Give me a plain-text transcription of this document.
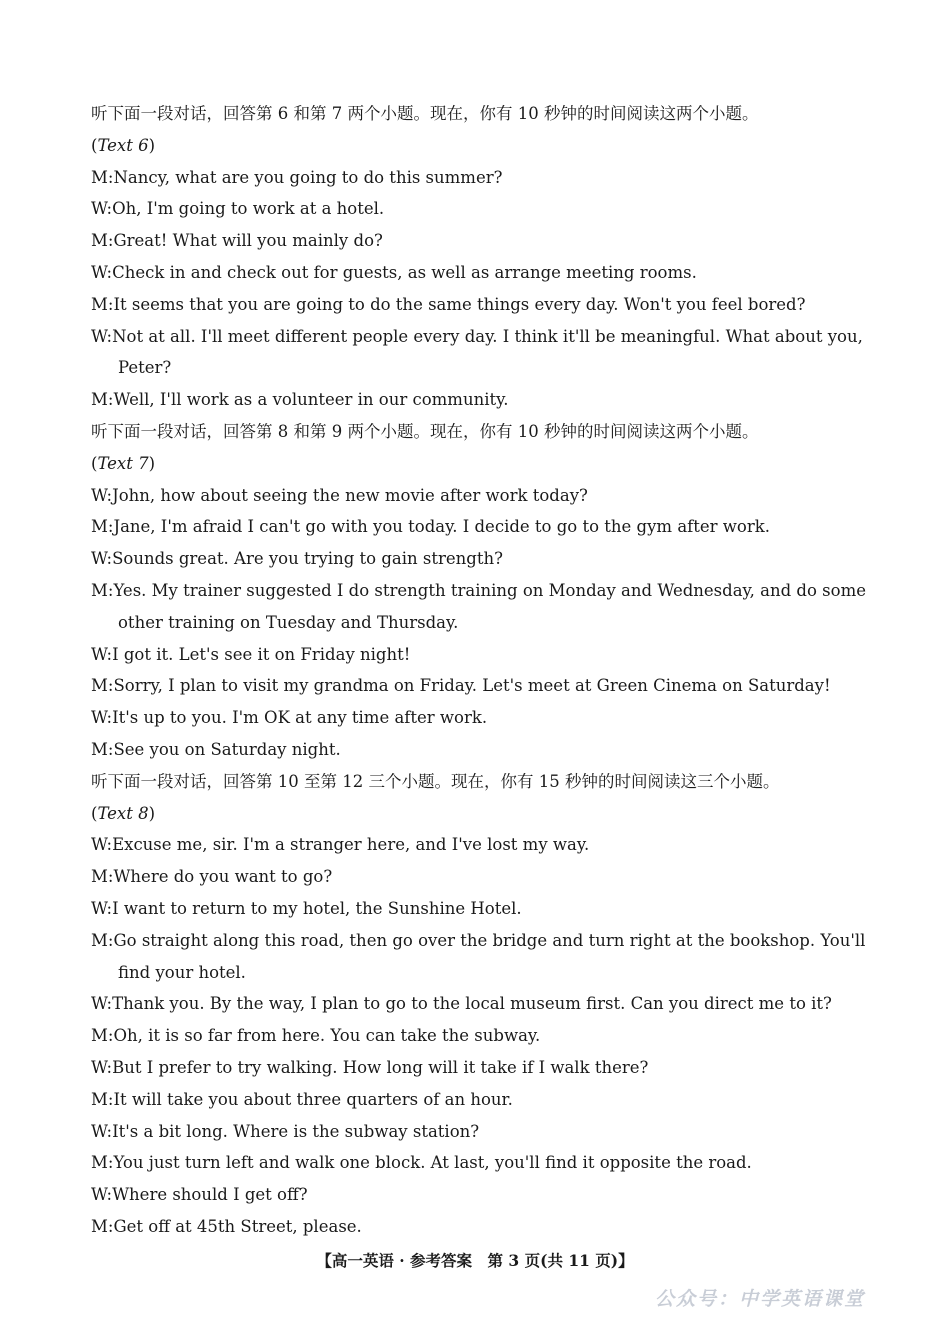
听下面一段对话，回答第 6 和第 7 两个小题。现在，你有 10 秒钟的时间阅读这两个小题。
(Text 6)
M:Nancy, what are you going to do this summer?
W:Oh, I'm going to work at a hotel.
M:Great! What will you mainly do?
W:Check in and check out for guests, as well as arrange meeting rooms.
M:It seems that you are going to do the same things every day. Won't you feel bored?
W:Not at all. I'll meet different people every day. I think it'll be meaningful. What about you, Peter?
M:Well, I'll work as a volunteer in our community.
听下面一段对话，回答第 8 和第 9 两个小题。现在，你有 10 秒钟的时间阅读这两个小题。
(Text 7)
W:John, how about seeing the new movie after work today?
M:Jane, I'm afraid I can't go with you today. I decide to go to the gym after work.
W:Sounds great. Are you trying to gain strength?
M:Yes. My trainer suggested I do strength training on Monday and Wednesday, and do some other training on Tuesday and Thursday.
W:I got it. Let's see it on Friday night!
M:Sorry, I plan to visit my grandma on Friday. Let's meet at Green Cinema on Saturday!
W:It's up to you. I'm OK at any time after work.
M:See you on Saturday night.
听下面一段对话，回答第 10 至第 12 三个小题。现在，你有 15 秒钟的时间阅读这三个小题。
(Text 8)
W:Excuse me, sir. I'm a stranger here, and I've lost my way.
M:Where do you want to go?
W:I want to return to my hotel, the Sunshine Hotel.
M:Go straight along this road, then go over the bridge and turn right at the bookshop. You'll find your hotel.
W:Thank you. By the way, I plan to go to the local museum first. Can you direct me to it?
M:Oh, it is so far from here. You can take the subway.
W:But I prefer to try walking. How long will it take if I walk there?
M:It will take you about three quarters of an hour.
W:It's a bit long. Where is the subway station?
M:You just turn left and walk one block. At last, you'll find it opposite the road.
W:Where should I get off?
M:Get off at 45th Street, please.
【高一英语 · 参考答案　第 3 页(共 11 页)】
公众号：中学英语课堂
